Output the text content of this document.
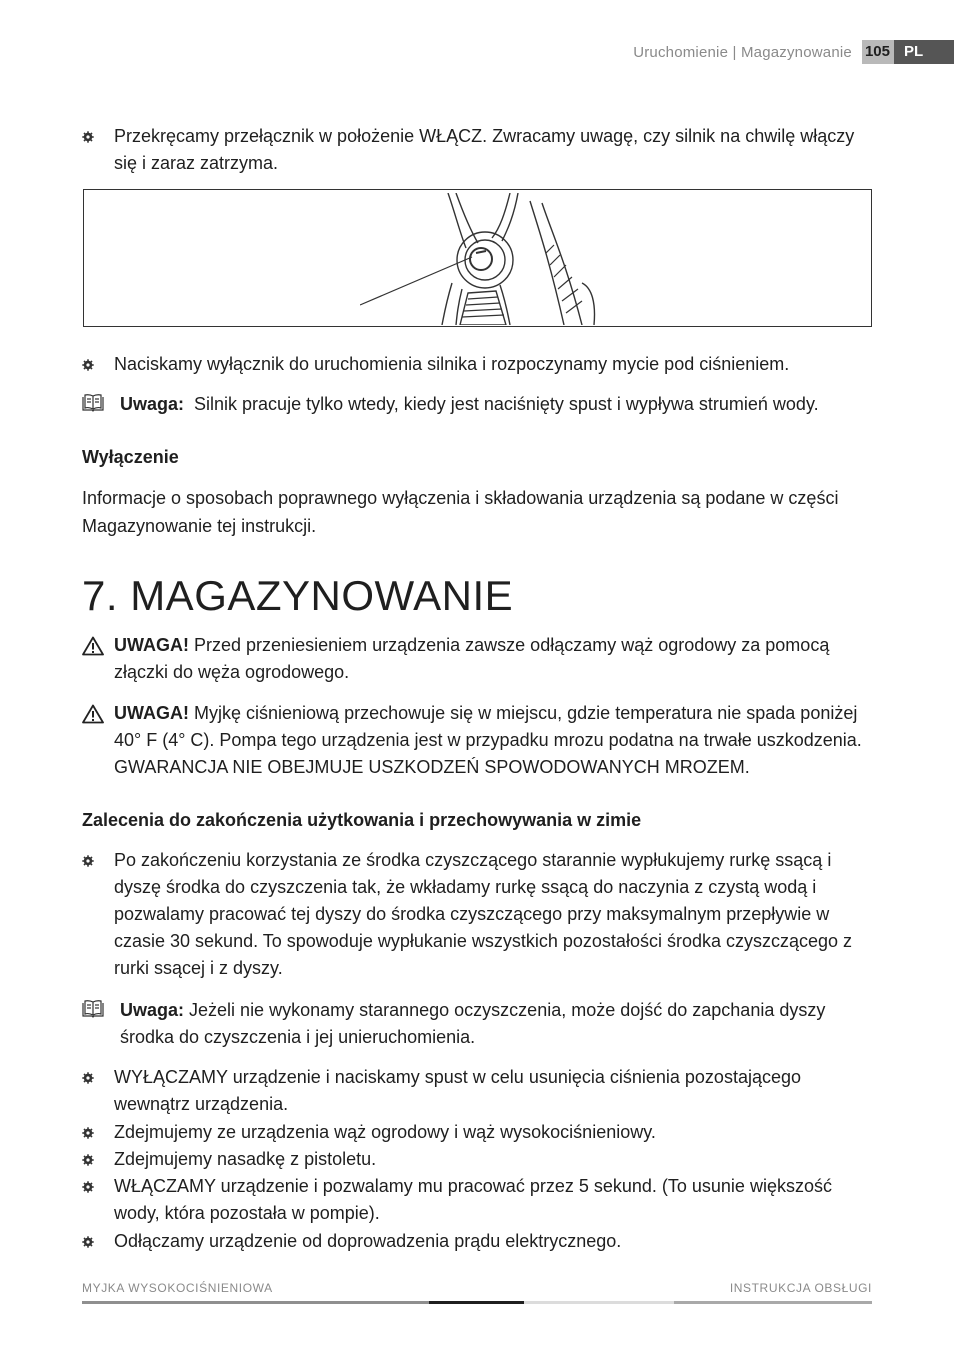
Uruchomienie | Magazynowanie 105 PL
Przekręcamy przełącznik w położenie WŁĄCZ. Zwracamy uwagę, czy silnik na chwilę włączy się i zaraz zatrzyma.
Naciskamy wyłącznik do uruchomienia silnika i rozpoczynamy mycie pod ciśnieniem.
Uwaga: Silnik pracuje tylko wtedy, kiedy jest naciśnięty spust i wypływa strumień wody.
Wyłączenie
Informacje o sposobach poprawnego wyłączenia i składowania urządzenia są podane w części Magazynowanie tej instrukcji.
7. MAGAZYNOWANIE
UWAGA! Przed przeniesieniem urządzenia zawsze odłączamy wąż ogrodowy za pomocą złączki do węża ogrodowego.
UWAGA! Myjkę ciśnieniową przechowuje się w miejscu, gdzie temperatura nie spada poniżej 40° F (4° C). Pompa tego urządzenia jest w przypadku mrozu podatna na trwałe uszkodzenia. GWARANCJA NIE OBEJMUJE USZKODZEŃ SPOWODOWANYCH MROZEM.
Zalecenia do zakończenia użytkowania i przechowywania w zimie
Po zakończeniu korzystania ze środka czyszczącego starannie wypłukujemy rurkę ssącą i dyszę środka do czyszczenia tak, że wkładamy rurkę ssącą do naczynia z czystą wodą i pozwalamy pracować tej dyszy do środka czyszczącego przy maksymalnym przepływie w czasie 30 sekund. To spowoduje wypłukanie wszystkich pozostałości środka czyszczącego z rurki ssącej i z dyszy.
Uwaga: Jeżeli nie wykonamy starannego oczyszczenia, może dojść do zapchania dyszy środka do czyszczenia i jej unieruchomienia.
WYŁĄCZAMY urządzenie i naciskamy spust w celu usunięcia ciśnienia pozostającego wewnątrz urządzenia.
Zdejmujemy ze urządzenia wąż ogrodowy i wąż wysokociśnieniowy.
Zdejmujemy nasadkę z pistoletu.
WŁĄCZAMY urządzenie i pozwalamy mu pracować przez 5 sekund. (To usunie większość wody, która pozostała w pompie).
Odłączamy urządzenie od doprowadzenia prądu elektrycznego.
MYJKA WYSOKOCIŚNIENIOWA	INSTRUKCJA OBSŁUGI
